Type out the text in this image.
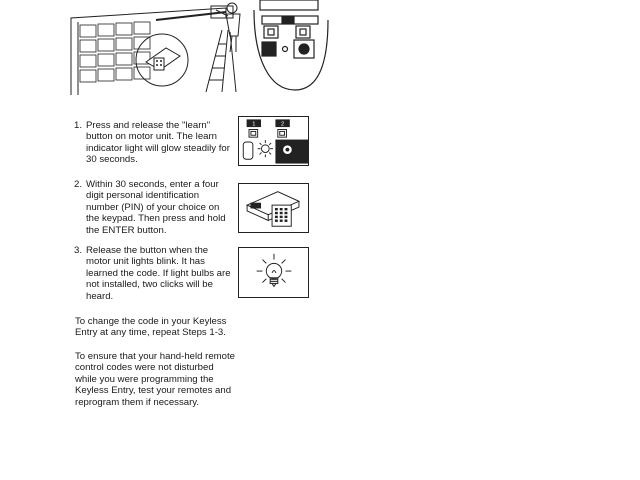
1. Press and release the "learn" button on motor unit. The learn indicator light will glow steadily for 30 seconds.
2. Within 30 seconds, enter a four digit personal identification number (PIN) of your choice on the keypad. Then press and hold the ENTER button.
3. Release the button when the motor unit lights blink. It has learned the code. If light bulbs are not installed, two clicks will be heard.
To change the code in your Keyless Entry at any time, repeat Steps 1-3.
To ensure that your hand-held remote control codes were not disturbed while you were programming the Keyless Entry, test your remotes and reprogram them if necessary.
1	2
